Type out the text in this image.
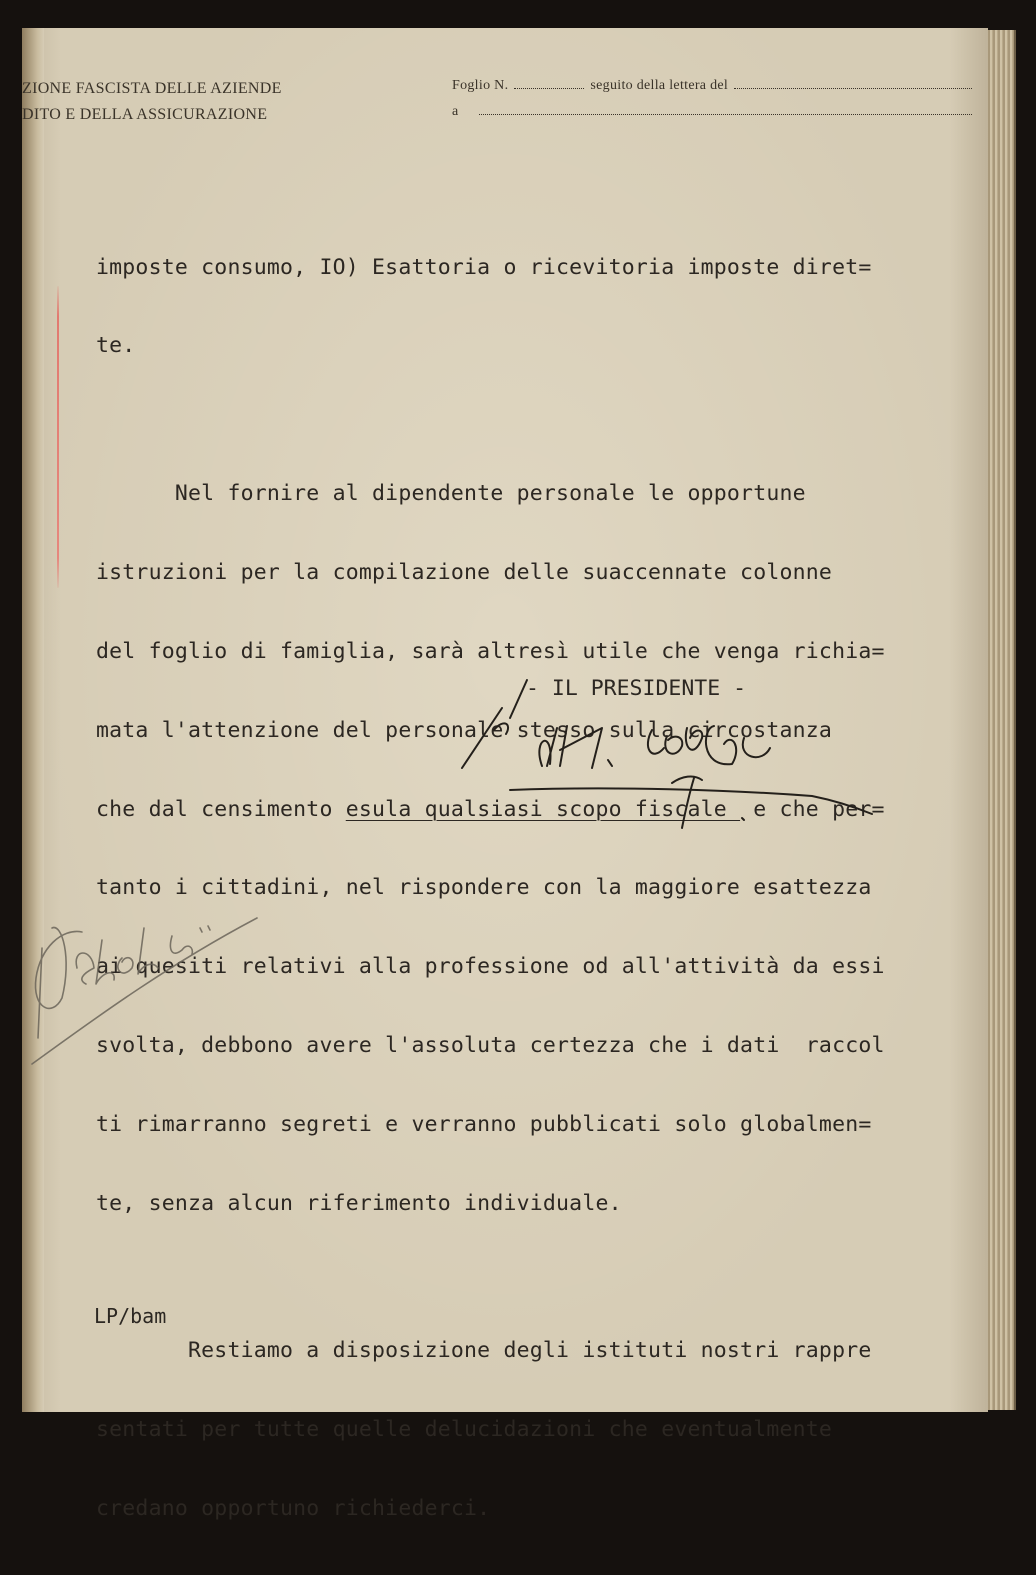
ZIONE FASCISTA DELLE AZIENDE
DITO E DELLA ASSICURAZIONE
Foglio N.	seguito della lettera del
a

imposte consumo, IO) Esattoria o ricevitoria imposte diret=

te.

Nel fornire al dipendente personale le opportune

istruzioni per la compilazione delle suaccennate colonne

del foglio di famiglia, sarà altresì utile che venga richia=

mata l'attenzione del personale stesso sulla circostanza

che dal censimento esula qualsiasi scopo fiscale  e che per=

tanto i cittadini, nel rispondere con la maggiore esattezza

ai quesiti relativi alla professione od all'attività da essi

svolta, debbono avere l'assoluta certezza che i dati  raccol

ti rimarranno segreti e verranno pubblicati solo globalmen=

te, senza alcun riferimento individuale.

Restiamo a disposizione degli istituti nostri rappre

sentati per tutte quelle delucidazioni che eventualmente

credano opportuno richiederci.

- IL PRESIDENTE -
LP/bam
